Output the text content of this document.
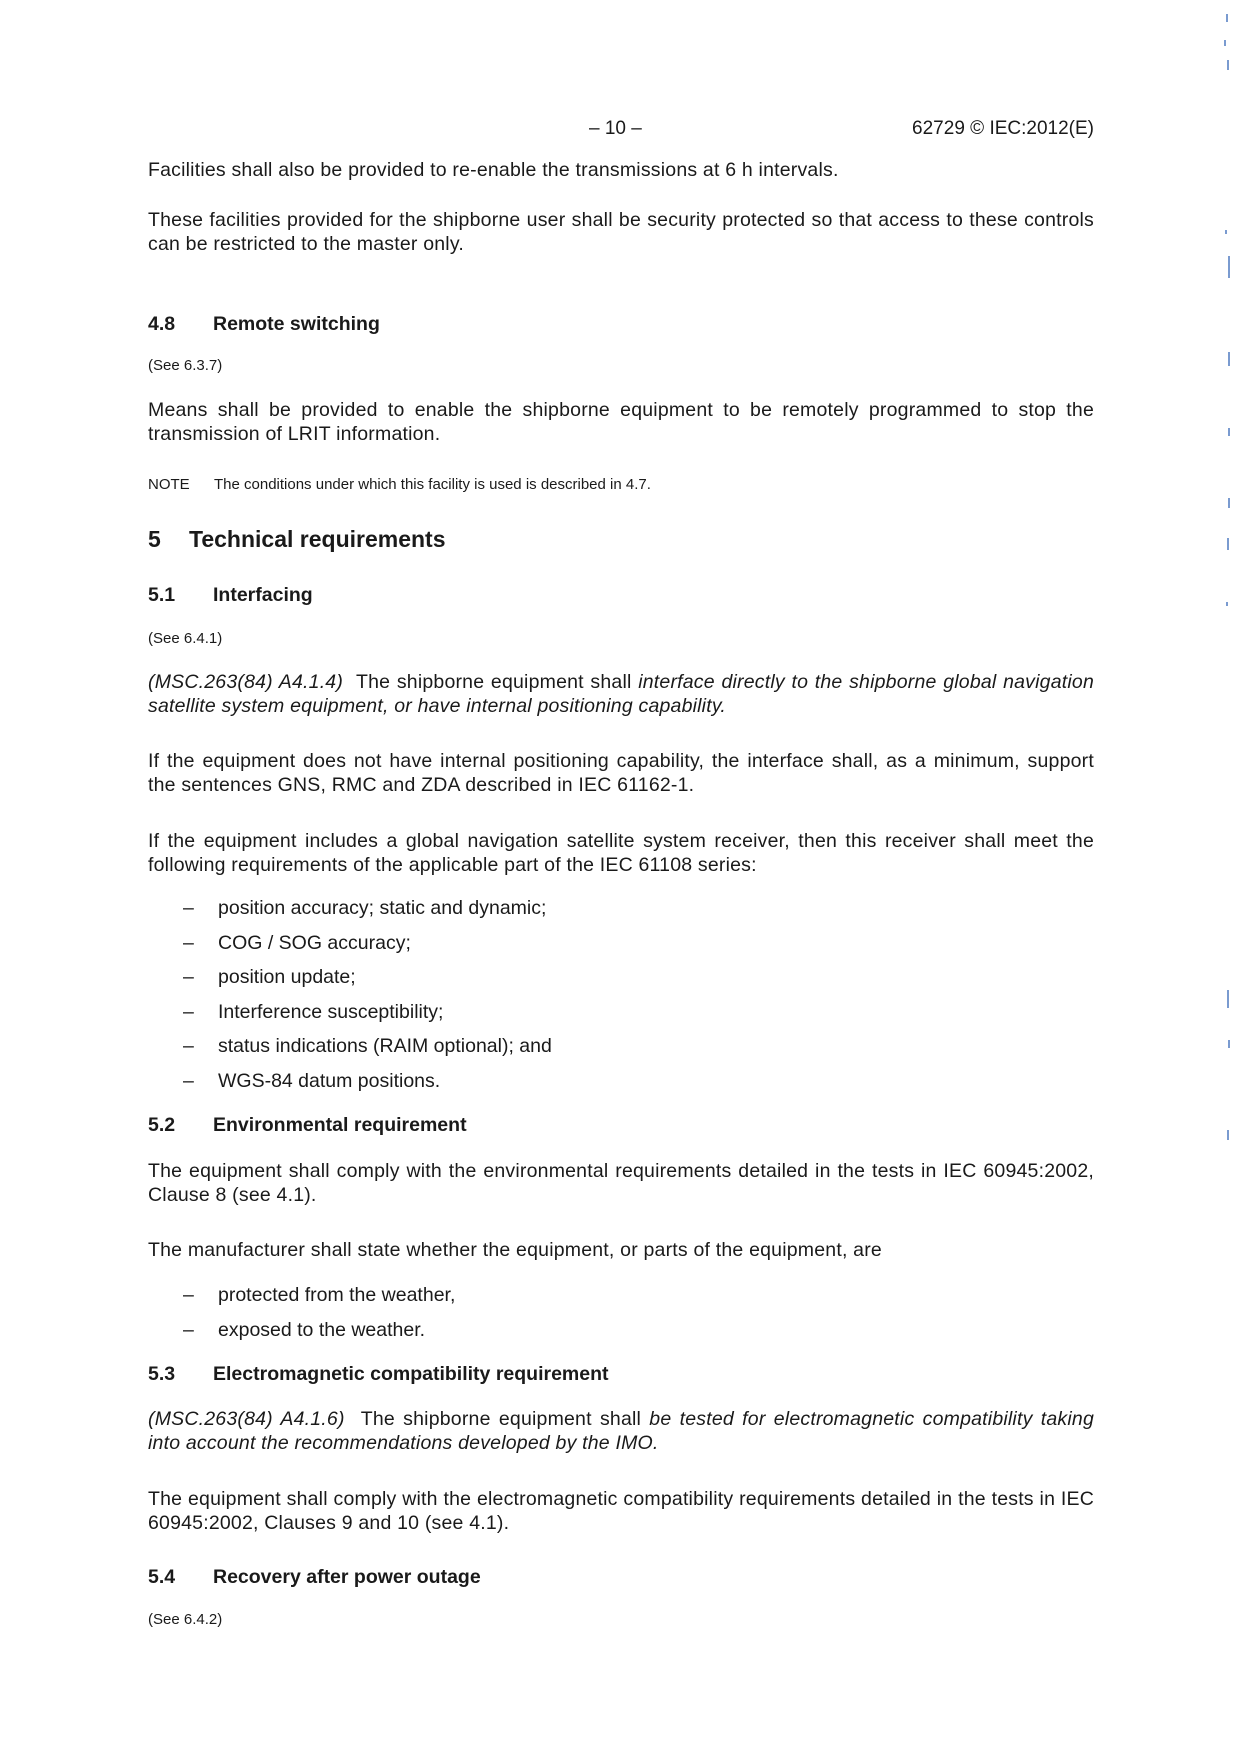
– 10 –	62729 © IEC:2012(E)

Facilities shall also be provided to re-enable the transmissions at 6 h intervals.

These facilities provided for the shipborne user shall be security protected so that access to these controls can be restricted to the master only.

4.8	Remote switching

(See 6.3.7)

Means shall be provided to enable the shipborne equipment to be remotely programmed to stop the transmission of LRIT information.

NOTE	The conditions under which this facility is used is described in 4.7.
5	Technical requirements
5.1	Interfacing

(See 6.4.1)

(MSC.263(84) A4.1.4) The shipborne equipment shall interface directly to the shipborne global navigation satellite system equipment, or have internal positioning capability.

If the equipment does not have internal positioning capability, the interface shall, as a minimum, support the sentences GNS, RMC and ZDA described in IEC 61162-1.

If the equipment includes a global navigation satellite system receiver, then this receiver shall meet the following requirements of the applicable part of the IEC 61108 series:

–	position accuracy; static and dynamic;
–	COG / SOG accuracy;
–	position update;
–	Interference susceptibility;
–	status indications (RAIM optional); and
–	WGS-84 datum positions.
5.2	Environmental requirement

The equipment shall comply with the environmental requirements detailed in the tests in IEC 60945:2002, Clause 8 (see 4.1).

The manufacturer shall state whether the equipment, or parts of the equipment, are

–	protected from the weather,
–	exposed to the weather.
5.3	Electromagnetic compatibility requirement

(MSC.263(84) A4.1.6) The shipborne equipment shall be tested for electromagnetic compatibility taking into account the recommendations developed by the IMO.

The equipment shall comply with the electromagnetic compatibility requirements detailed in the tests in IEC 60945:2002, Clauses 9 and 10 (see 4.1).

5.4	Recovery after power outage

(See 6.4.2)
